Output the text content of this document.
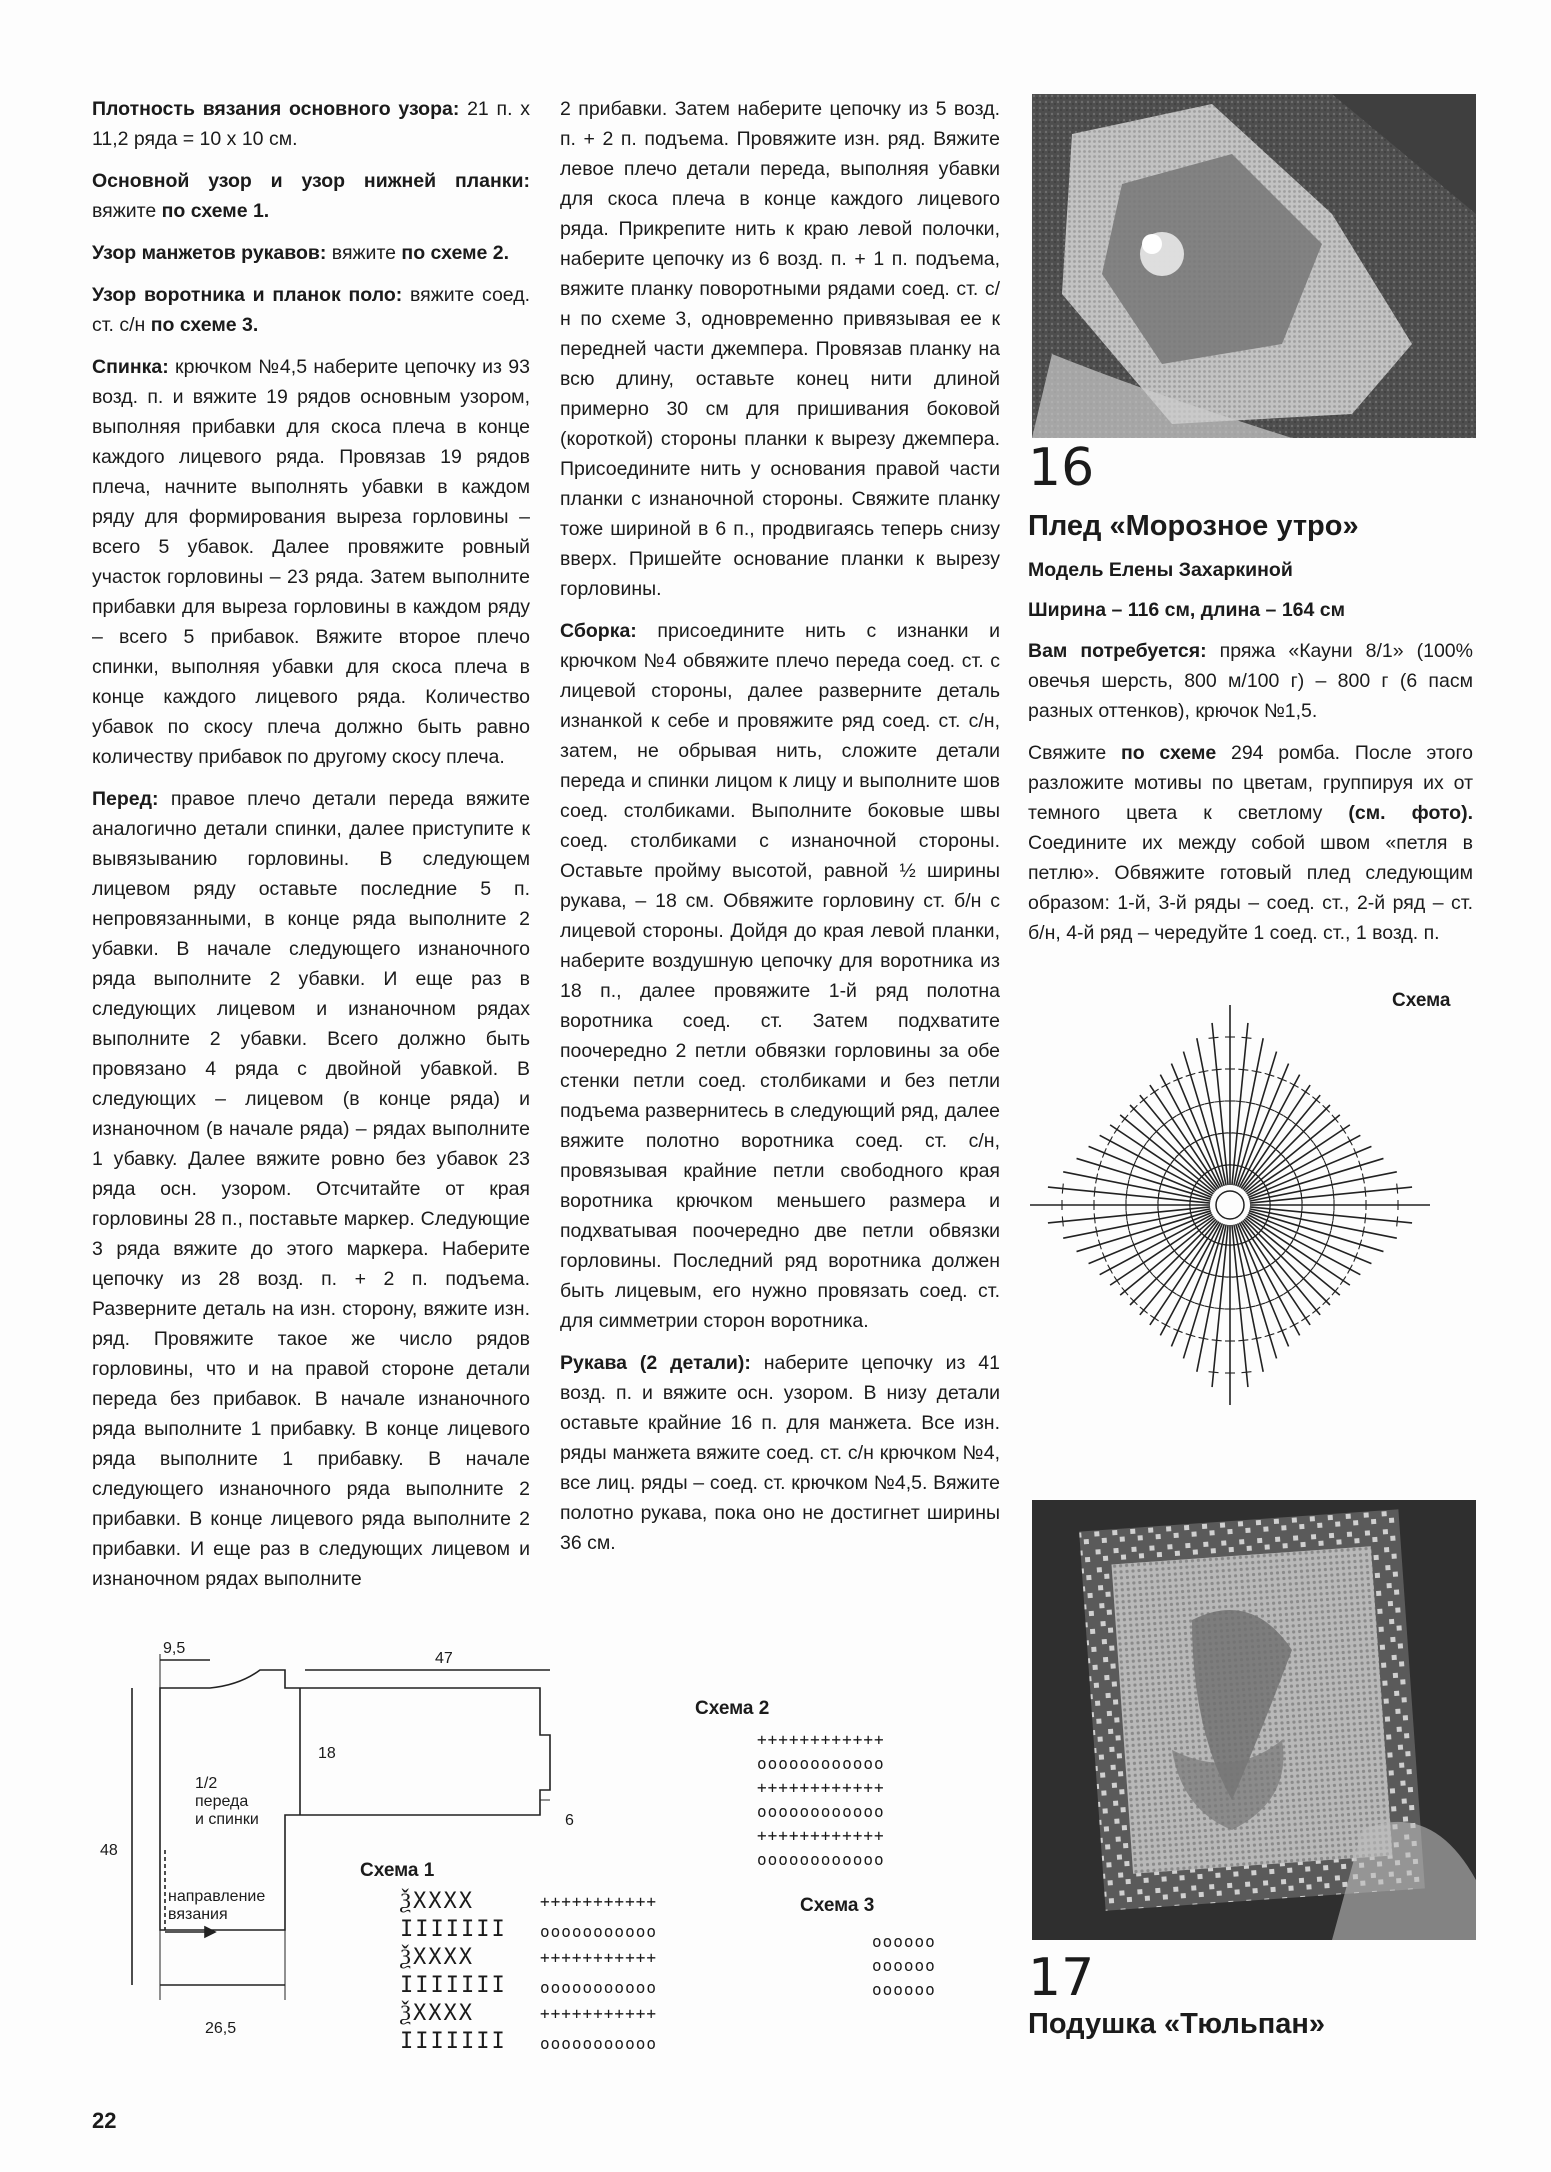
Плотность вязания основного узора: 21 п. х 11,2 ряда = 10 х 10 см.

Основной узор и узор нижней планки: вяжите по схеме 1.

Узор манжетов рукавов: вяжите по схеме 2.

Узор воротника и планок поло: вяжите соед. ст. с/н по схеме 3.

Спинка: крючком №4,5 наберите цепочку из 93 возд. п. и вяжите 19 рядов основным узором, выполняя прибавки для скоса плеча в конце каждого лицевого ряда. Провязав 19 рядов плеча, начните выполнять убавки в каждом ряду для формирования выреза горловины – всего 5 убавок. Далее провяжите ровный участок горловины – 23 ряда. Затем выполните прибавки для выреза горловины в каждом ряду – всего 5 прибавок. Вяжите второе плечо спинки, выполняя убавки для скоса плеча в конце каждого лицевого ряда. Количество убавок по скосу плеча должно быть равно количеству прибавок по другому скосу плеча.

Перед: правое плечо детали переда вяжите аналогично детали спинки, далее приступите к вывязыванию горловины. В следующем лицевом ряду оставьте последние 5 п. непровязанными, в конце ряда выполните 2 убавки. В начале следующего изнаночного ряда выполните 2 убавки. И еще раз в следующих лицевом и изнаночном рядах выполните 2 убавки. Всего должно быть провязано 4 ряда с двойной убавкой. В следующих – лицевом (в конце ряда) и изнаночном (в начале ряда) – рядах выполните 1 убавку. Далее вяжите ровно без убавок 23 ряда осн. узором. Отсчитайте от края горловины 28 п., поставьте маркер. Следующие 3 ряда вяжите до этого маркера. Наберите цепочку из 28 возд. п. + 2 п. подъема. Разверните деталь на изн. сторону, вяжите изн. ряд. Провяжите такое же число рядов горловины, что и на правой стороне детали переда без прибавок. В начале изнаночного ряда выполните 1 прибавку. В конце лицевого ряда выполните 1 прибавку. В начале следующего изнаночного ряда выполните 2 прибавки. В конце лицевого ряда выполните 2 прибавки. И еще раз в следующих лицевом и изнаночном рядах выполните

2 прибавки. Затем наберите цепочку из 5 возд. п. + 2 п. подъема. Провяжите изн. ряд. Вяжите левое плечо детали переда, выполняя убавки для скоса плеча в конце каждого лицевого ряда. Прикрепите нить к краю левой полочки, наберите цепочку из 6 возд. п. + 1 п. подъема, вяжите планку поворотными рядами соед. ст. с/н по схеме 3, одновременно привязывая ее к передней части джемпера. Провязав планку на всю длину, оставьте конец нити длиной примерно 30 см для пришивания боковой (короткой) стороны планки к вырезу джемпера. Присоедините нить у основания правой части планки с изнаночной стороны. Свяжите планку тоже шириной в 6 п., продвигаясь теперь снизу вверх. Пришейте основание планки к вырезу горловины.

Сборка: присоедините нить с изнанки и крючком №4 обвяжите плечо переда соед. ст. с лицевой стороны, далее разверните деталь изнанкой к себе и провяжите ряд соед. ст. с/н, затем, не обрывая нить, сложите детали переда и спинки лицом к лицу и выполните шов соед. столбиками. Выполните боковые швы соед. столбиками с изнаночной стороны. Оставьте пройму высотой, равной ½ ширины рукава, – 18 см. Обвяжите горловину ст. б/н с лицевой стороны. Дойдя до края левой планки, наберите воздушную цепочку для воротника из 18 п., далее провяжите 1-й ряд полотна воротника соед. ст. Затем подхватите поочередно 2 петли обвязки горловины за обе стенки петли соед. столбиками и без петли подъема развернитесь в следующий ряд, далее вяжите полотно воротника соед. ст. с/н, провязывая крайние петли свободного края воротника крючком меньшего размера и подхватывая поочередно две петли обвязки горловины. Последний ряд воротника должен быть лицевым, его нужно провязать соед. ст. для симметрии сторон воротника.

Рукава (2 детали): наберите цепочку из 41 возд. п. и вяжите осн. узором. В низу детали оставьте крайние 16 п. для манжета. Все изн. ряды манжета вяжите соед. ст. с/н крючком №4, все лиц. ряды – соед. ст. крючком №4,5. Вяжите полотно рукава, пока оно не достигнет ширины 36 см.

16

Плед «Морозное утро»

Модель Елены Захаркиной

Ширина – 116 см, длина – 164 см

Вам потребуется: пряжа «Кауни 8/1» (100% овечья шерсть, 800 м/100 г) – 800 г (6 пасм разных оттенков), крючок №1,5.

Свяжите по схеме 294 ромба. После этого разложите мотивы по цветам, группируя их от темного цвета к светлому (см. фото). Соедините их между собой швом «петля в петлю». Обвяжите готовый плед следующим образом: 1-й, 3-й ряды – соед. ст., 2-й ряд – ст. б/н, 4-й ряд – чередуйте 1 соед. ст., 1 возд. п.

Схема

17

Подушка «Тюльпан»

9,5
47
18
48
6
26,5
1/2
переда
и спинки
направление
вязания
Схема 1
ѮXXXX
IIIIIII
ѮXXXX
IIIIIII
ѮXXXX
IIIIIII
+++++++++++
ooooooooooo
+++++++++++
ooooooooooo
+++++++++++
ooooooooooo
Схема 2
++++++++++++
oooooooooooo
++++++++++++
oooooooooooo
++++++++++++
oooooooooooo
Схема 3
oooooo
oooooo
oooooo
22
